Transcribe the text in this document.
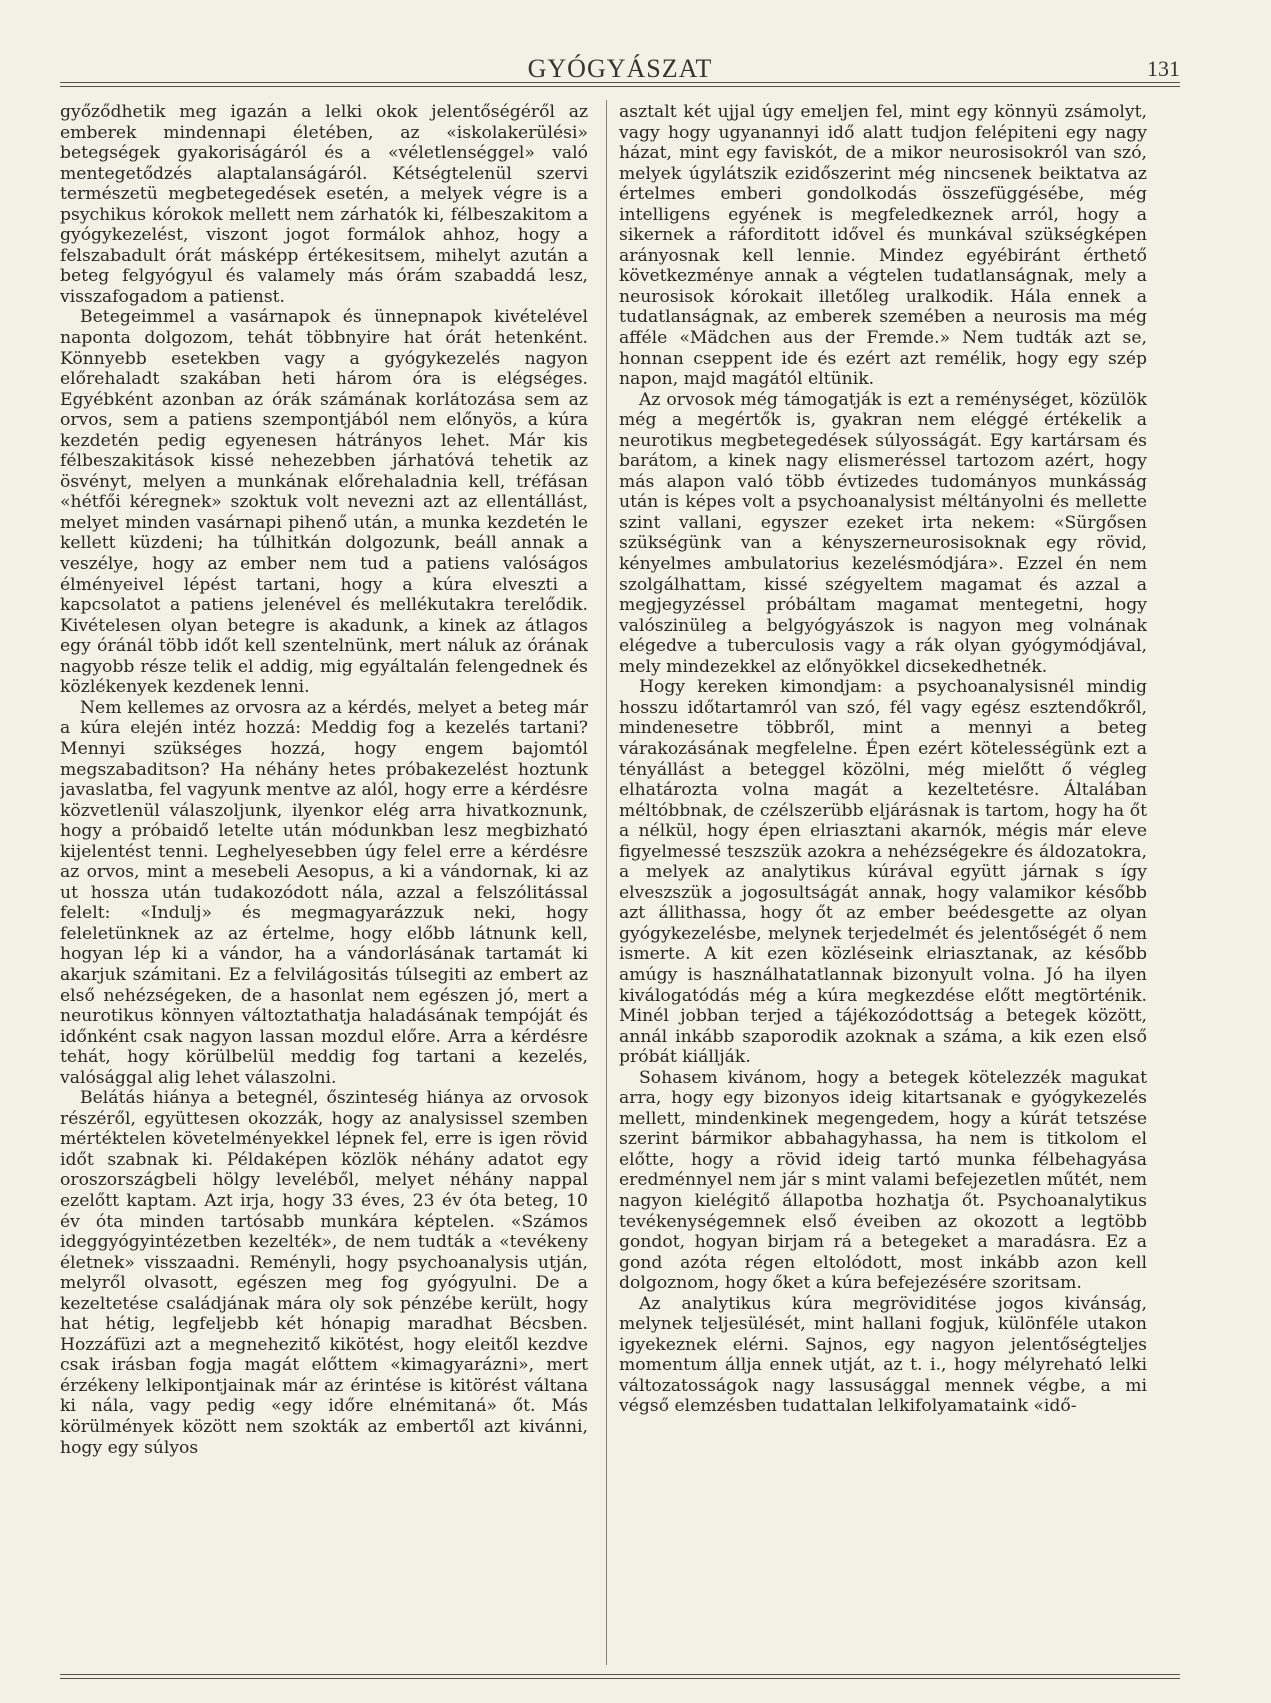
GYÓGYÁSZAT	131

győződhetik meg igazán a lelki okok jelentőségéről az emberek mindennapi életében, az «iskolakerülési» betegségek gyakoriságáról és a «véletlenséggel» való mentegetődzés alaptalanságáról. Kétségtelenül szervi természetü megbetegedések esetén, a melyek végre is a psychikus kórokok mellett nem zárhatók ki, félbeszakitom a gyógykezelést, viszont jogot formálok ahhoz, hogy a felszabadult órát másképp értékesitsem, mihelyt azután a beteg felgyógyul és valamely más órám szabaddá lesz, visszafogadom a patienst.

Betegeimmel a vasárnapok és ünnepnapok kivételével naponta dolgozom, tehát többnyire hat órát hetenként. Könnyebb esetekben vagy a gyógykezelés nagyon előrehaladt szakában heti három óra is elégséges. Egyébként azonban az órák számának korlátozása sem az orvos, sem a patiens szempontjából nem előnyös, a kúra kezdetén pedig egyenesen hátrányos lehet. Már kis félbeszakitások kissé nehezebben járhatóvá tehetik az ösvényt, melyen a munkának előrehaladnia kell, tréfásan «hétfői kéregnek» szoktuk volt nevezni azt az ellentállást, melyet minden vasárnapi pihenő után, a munka kezdetén le kellett küzdeni; ha túlhitkán dolgozunk, beáll annak a veszélye, hogy az ember nem tud a patiens valóságos élményeivel lépést tartani, hogy a kúra elveszti a kapcsolatot a patiens jelenével és mellékutakra terelődik. Kivételesen olyan betegre is akadunk, a kinek az átlagos egy óránál több időt kell szentelnünk, mert náluk az órának nagyobb része telik el addig, mig egyáltalán felengednek és közlékenyek kezdenek lenni.

Nem kellemes az orvosra az a kérdés, melyet a beteg már a kúra elején intéz hozzá: Meddig fog a kezelés tartani? Mennyi szükséges hozzá, hogy engem bajomtól megszabaditson? Ha néhány hetes próbakezelést hoztunk javaslatba, fel vagyunk mentve az alól, hogy erre a kérdésre közvetlenül válaszoljunk, ilyenkor elég arra hivatkoznunk, hogy a próbaidő letelte után módunkban lesz megbizható kijelentést tenni. Leghelyesebben úgy felel erre a kérdésre az orvos, mint a mesebeli Aesopus, a ki a vándornak, ki az ut hossza után tudakozódott nála, azzal a felszólitással felelt: «Indulj» és megmagyarázzuk neki, hogy feleletünknek az az értelme, hogy előbb látnunk kell, hogyan lép ki a vándor, ha a vándorlásának tartamát ki akarjuk számitani. Ez a felvilágositás túlsegiti az embert az első nehézségeken, de a hasonlat nem egészen jó, mert a neurotikus könnyen változtathatja haladásának tempóját és időnként csak nagyon lassan mozdul előre. Arra a kérdésre tehát, hogy körülbelül meddig fog tartani a kezelés, valósággal alig lehet válaszolni.

Belátás hiánya a betegnél, őszinteség hiánya az orvosok részéről, együttesen okozzák, hogy az analysissel szemben mértéktelen követelményekkel lépnek fel, erre is igen rövid időt szabnak ki. Példaképen közlök néhány adatot egy oroszországbeli hölgy leveléből, melyet néhány nappal ezelőtt kaptam. Azt irja, hogy 33 éves, 23 év óta beteg, 10 év óta minden tartósabb munkára képtelen. «Számos ideggyógyintézetben kezelték», de nem tudták a «tevékeny életnek» visszaadni. Reményli, hogy psychoanalysis utján, melyről olvasott, egészen meg fog gyógyulni. De a kezeltetése családjának mára oly sok pénzébe került, hogy hat hétig, legfeljebb két hónapig maradhat Bécsben. Hozzáfüzi azt a megnehezitő kikötést, hogy eleitől kezdve csak irásban fogja magát előttem «kimagyarázni», mert érzékeny lelkipontjainak már az érintése is kitörést váltana ki nála, vagy pedig «egy időre elnémitaná» őt. Más körülmények között nem szokták az embertől azt kivánni, hogy egy súlyos

asztalt két ujjal úgy emeljen fel, mint egy könnyü zsámolyt, vagy hogy ugyanannyi idő alatt tudjon felépiteni egy nagy házat, mint egy faviskót, de a mikor neurosisokról van szó, melyek úgylátszik ezidőszerint még nincsenek beiktatva az értelmes emberi gondolkodás összefüggésébe, még intelligens egyének is megfeledkeznek arról, hogy a sikernek a ráforditott idővel és munkával szükségképen arányosnak kell lennie. Mindez egyébiránt érthető következménye annak a végtelen tudatlanságnak, mely a neurosisok kórokait illetőleg uralkodik. Hála ennek a tudatlanságnak, az emberek szemében a neurosis ma még afféle «Mädchen aus der Fremde.» Nem tudták azt se, honnan cseppent ide és ezért azt remélik, hogy egy szép napon, majd magától eltünik.

Az orvosok még támogatják is ezt a reménységet, közülök még a megértők is, gyakran nem eléggé értékelik a neurotikus megbetegedések súlyosságát. Egy kartársam és barátom, a kinek nagy elismeréssel tartozom azért, hogy más alapon való több évtizedes tudományos munkásság után is képes volt a psychoanalysist méltányolni és mellette szint vallani, egyszer ezeket irta nekem: «Sürgősen szükségünk van a kényszerneurosisoknak egy rövid, kényelmes ambulatorius kezelésmódjára». Ezzel én nem szolgálhattam, kissé szégyeltem magamat és azzal a megjegyzéssel próbáltam magamat mentegetni, hogy valószinüleg a belgyógyászok is nagyon meg volnának elégedve a tuberculosis vagy a rák olyan gyógymódjával, mely mindezekkel az előnyökkel dicsekedhetnék.

Hogy kereken kimondjam: a psychoanalysisnél mindig hosszu időtartamról van szó, fél vagy egész esztendőkről, mindenesetre többről, mint a mennyi a beteg várakozásának megfelelne. Épen ezért kötelességünk ezt a tényállást a beteggel közölni, még mielőtt ő végleg elhatározta volna magát a kezeltetésre. Általában méltóbbnak, de czélszerübb eljárásnak is tartom, hogy ha őt a nélkül, hogy épen elriasztani akarnók, mégis már eleve figyelmessé teszszük azokra a nehézségekre és áldozatokra, a melyek az analytikus kúrával együtt járnak s így elveszszük a jogosultságát annak, hogy valamikor később azt állithassa, hogy őt az ember beédesgette az olyan gyógykezelésbe, melynek terjedelmét és jelentőségét ő nem ismerte. A kit ezen közléseink elriasztanak, az később amúgy is használhatatlannak bizonyult volna. Jó ha ilyen kiválogatódás még a kúra megkezdése előtt megtörténik. Minél jobban terjed a tájékozódottság a betegek között, annál inkább szaporodik azoknak a száma, a kik ezen első próbát kiállják.

Sohasem kivánom, hogy a betegek kötelezzék magukat arra, hogy egy bizonyos ideig kitartsanak e gyógykezelés mellett, mindenkinek megengedem, hogy a kúrát tetszése szerint bármikor abbahagyhassa, ha nem is titkolom el előtte, hogy a rövid ideig tartó munka félbehagyása eredménnyel nem jár s mint valami befejezetlen műtét, nem nagyon kielégitő állapotba hozhatja őt. Psychoanalytikus tevékenységemnek első éveiben az okozott a legtöbb gondot, hogyan birjam rá a betegeket a maradásra. Ez a gond azóta régen eltolódott, most inkább azon kell dolgoznom, hogy őket a kúra befejezésére szoritsam.

Az analytikus kúra megröviditése jogos kivánság, melynek teljesülését, mint hallani fogjuk, különféle utakon igyekeznek elérni. Sajnos, egy nagyon jelentőségteljes momentum állja ennek utját, az t. i., hogy mélyreható lelki változatosságok nagy lassusággal mennek végbe, a mi végső elemzésben tudattalan lelkifolyamataink «idő-
